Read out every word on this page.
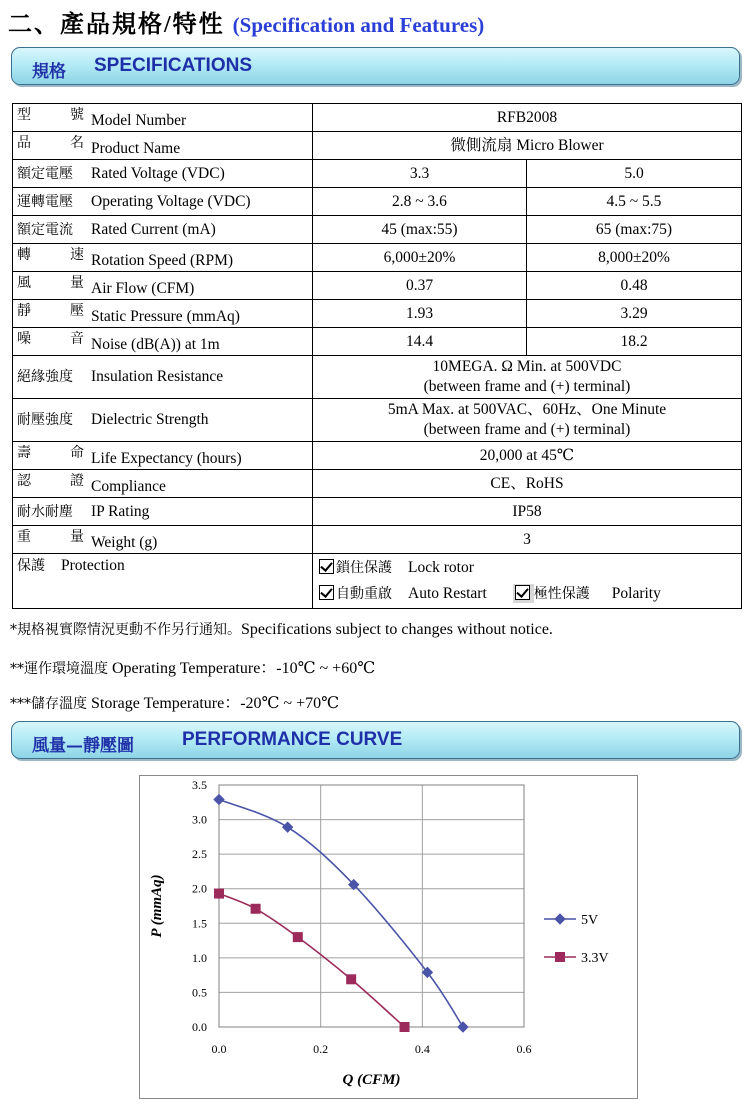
二、產品規格/特性 (Specification and Features)
規格 SPECIFICATIONS
型 號 Model Number	RFB2008	

品 名 Product Name	微側流扇 Micro Blower	
額定電壓 Rated Voltage (VDC)	3.3	5.0
運轉電壓 Operating Voltage (VDC)	2.8 ~ 3.6	4.5 ~ 5.5
額定電流 Rated Current (mA)	45 (max:55)	65 (max:75)

轉 速 Rotation Speed (RPM)	6,000±20%	8,000±20%

風 量 Air Flow (CFM)	0.37	0.48

靜 壓 Static Pressure (mmAq)	1.93	3.29

噪 音 Noise (dB(A)) at 1m	14.4	18.2
絕緣強度 Insulation Resistance	10MEGA. Ω Min. at 500VDC
(between frame and (+) terminal)	

耐壓強度 Dielectric Strength	5mA Max. at 500VAC、60Hz、One Minute
(between frame and (+) terminal)	

壽 命 Life Expectancy (hours)	20,000 at 45℃	

認 證 Compliance	CE、RoHS	
耐水耐塵 IP Rating	IP58	

重 量 Weight (g)	3	
保護 Protection	鎖住保護 Lock rotor
自動重啟 Auto Restart 極性保護 Polarity	
*規格視實際情況更動不作另行通知。Specifications subject to changes without notice.
**運作環境溫度 Operating Temperature：-10℃ ~ +60℃
***儲存溫度 Storage Temperature：-20℃ ~ +70℃
風量—靜壓圖	PERFORMANCE CURVE
0.0
0.5
1.0
1.5
2.0
2.5
3.0
3.5
0.0	0.2	0.4	0.6
Q (CFM)
P (mmAq)	5V
3.3V
